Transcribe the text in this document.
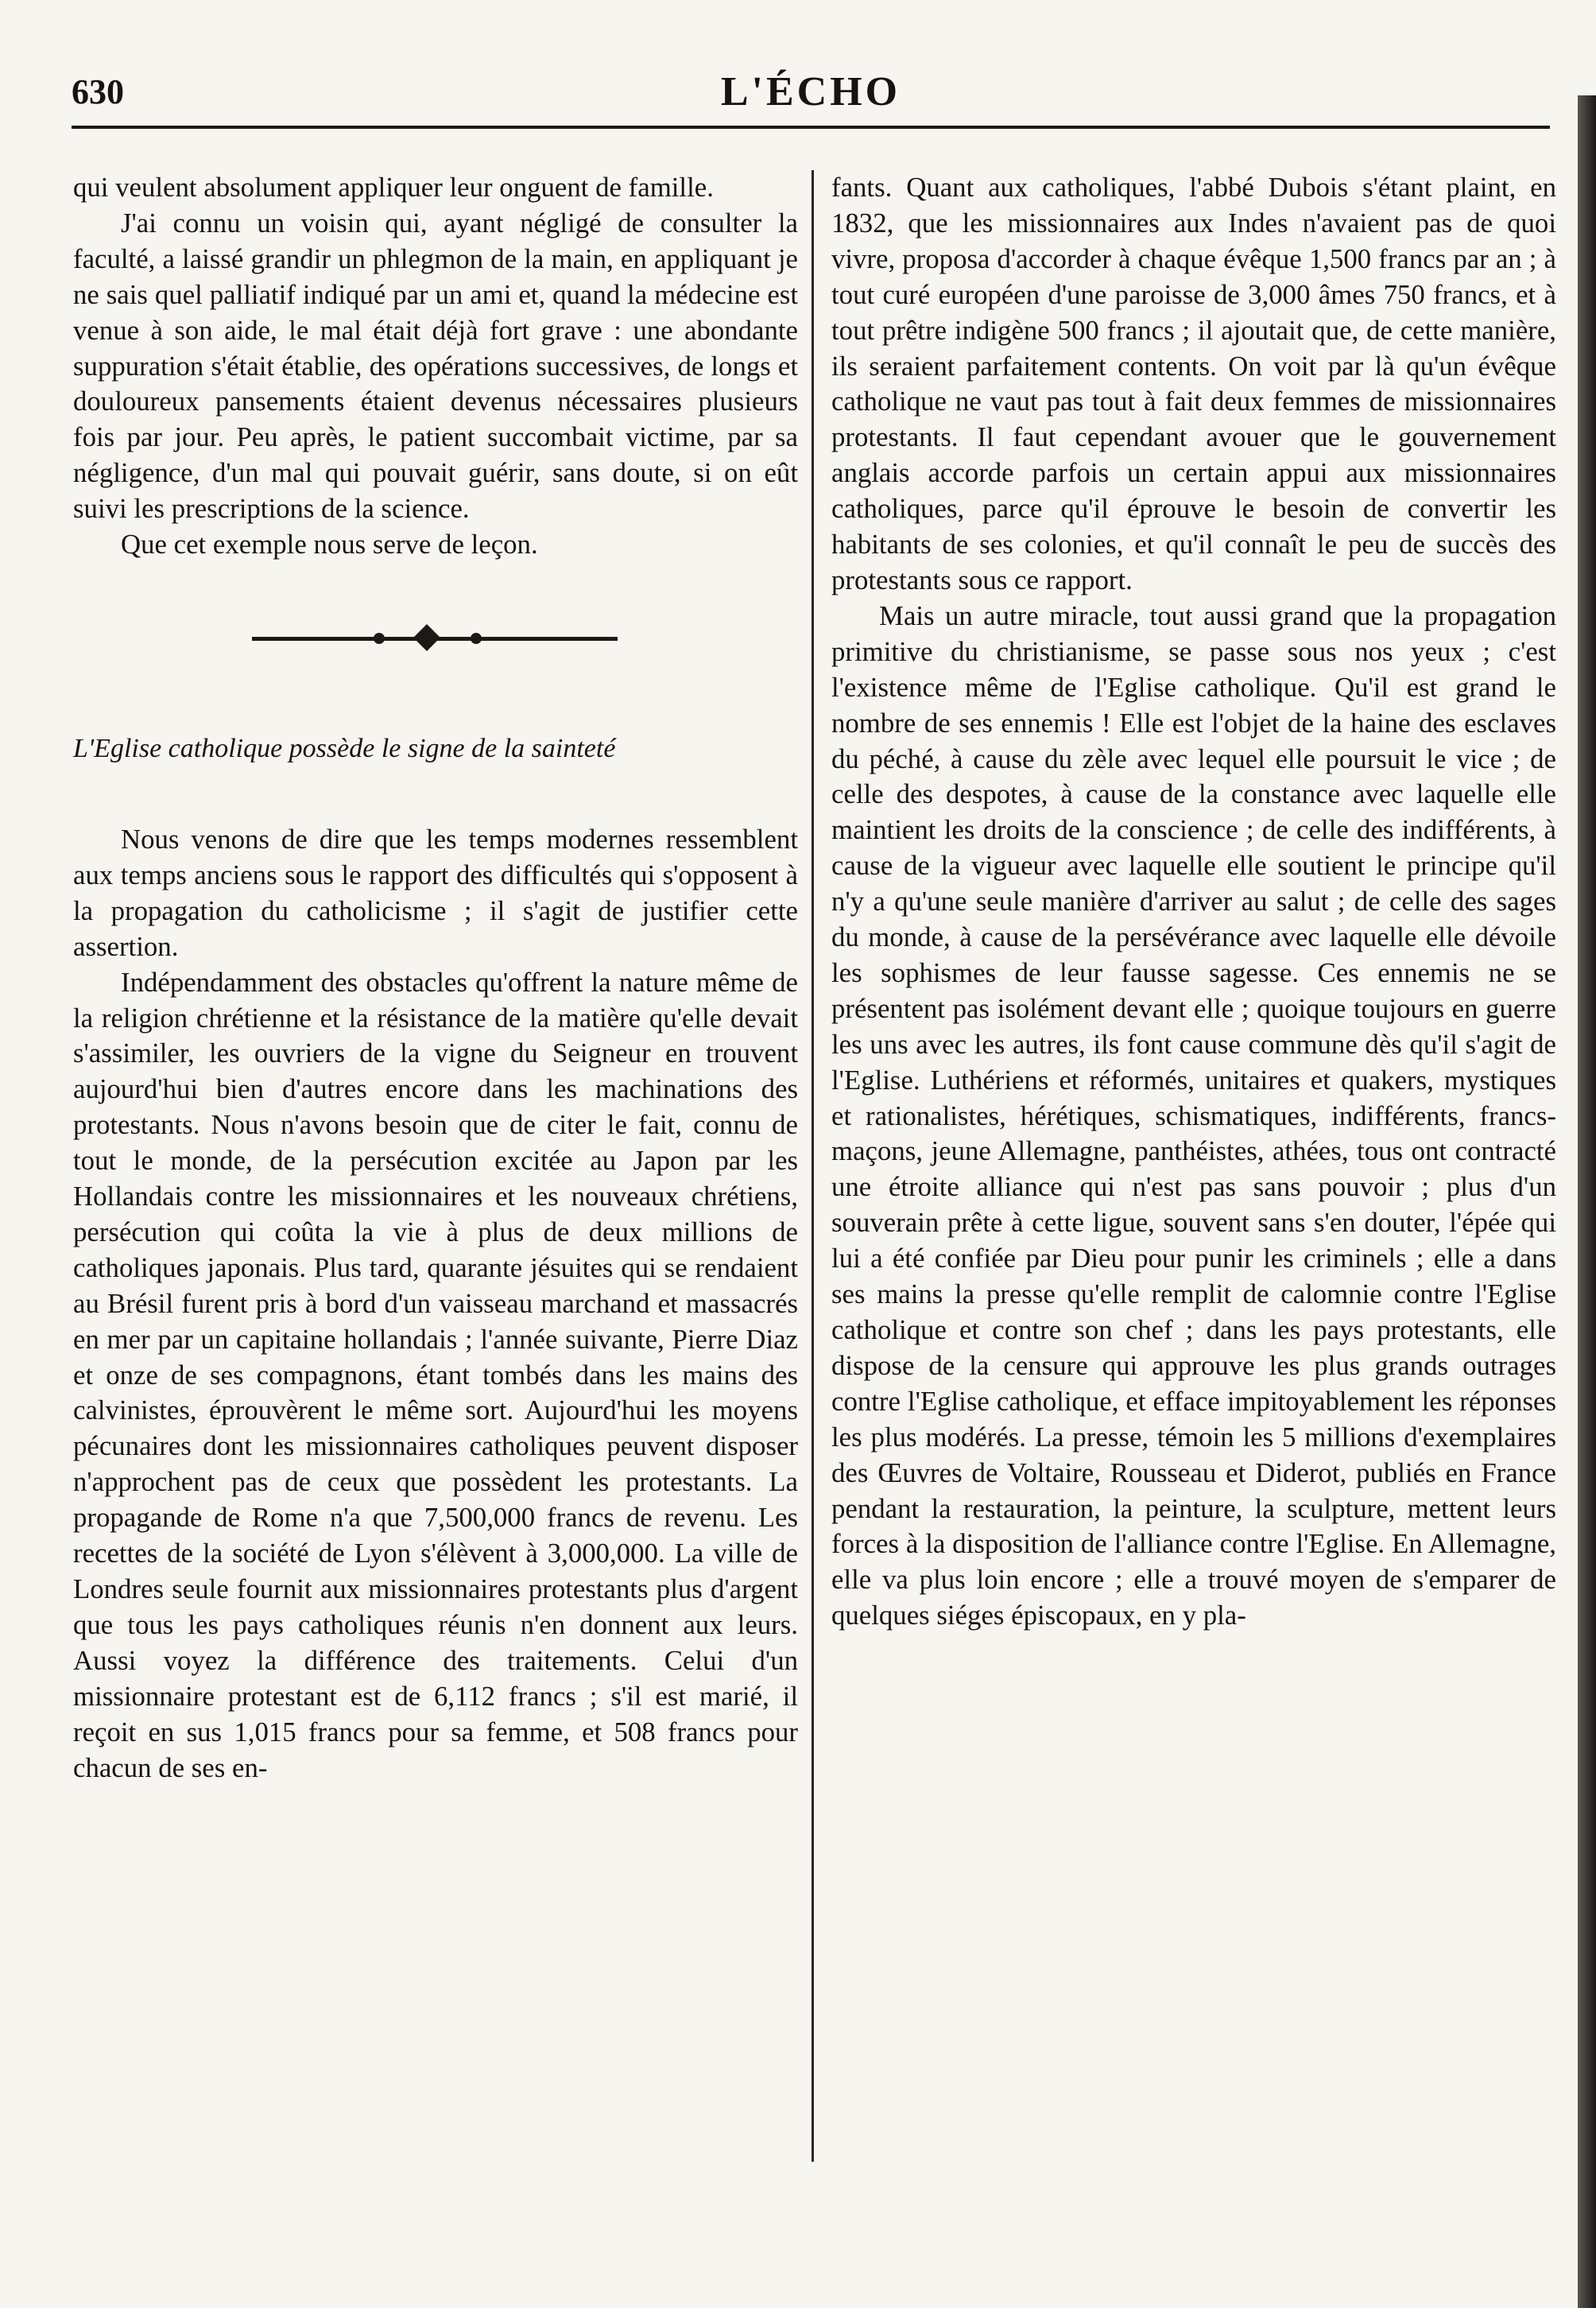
630	L'ÉCHO

qui veulent absolument appliquer leur onguent de famille.

J'ai connu un voisin qui, ayant négligé de consulter la faculté, a laissé grandir un phlegmon de la main, en appliquant je ne sais quel palliatif indiqué par un ami et, quand la médecine est venue à son aide, le mal était déjà fort grave : une abondante suppuration s'était établie, des opérations successives, de longs et douloureux pansements étaient devenus nécessaires plusieurs fois par jour. Peu après, le patient succombait victime, par sa négligence, d'un mal qui pouvait guérir, sans doute, si on eût suivi les prescriptions de la science.

Que cet exemple nous serve de leçon.

L'Eglise catholique possède le signe de la sainteté

Nous venons de dire que les temps modernes ressemblent aux temps anciens sous le rapport des difficultés qui s'opposent à la propagation du catholicisme ; il s'agit de justifier cette assertion.

Indépendamment des obstacles qu'offrent la nature même de la religion chrétienne et la résistance de la matière qu'elle devait s'assimiler, les ouvriers de la vigne du Seigneur en trouvent aujourd'hui bien d'autres encore dans les machinations des protestants. Nous n'avons besoin que de citer le fait, connu de tout le monde, de la persécution excitée au Japon par les Hollandais contre les missionnaires et les nouveaux chrétiens, persécution qui coûta la vie à plus de deux millions de catholiques japonais. Plus tard, quarante jésuites qui se rendaient au Brésil furent pris à bord d'un vaisseau marchand et massacrés en mer par un capitaine hollandais ; l'année suivante, Pierre Diaz et onze de ses compagnons, étant tombés dans les mains des calvinistes, éprouvèrent le même sort. Aujourd'hui les moyens pécunaires dont les missionnaires catholiques peuvent disposer n'approchent pas de ceux que possèdent les protestants. La propagande de Rome n'a que 7,500,000 francs de revenu. Les recettes de la société de Lyon s'élèvent à 3,000,000. La ville de Londres seule fournit aux missionnaires protestants plus d'argent que tous les pays catholiques réunis n'en donnent aux leurs. Aussi voyez la différence des traitements. Celui d'un missionnaire protestant est de 6,112 francs ; s'il est marié, il reçoit en sus 1,015 francs pour sa femme, et 508 francs pour chacun de ses en-

fants. Quant aux catholiques, l'abbé Dubois s'étant plaint, en 1832, que les missionnaires aux Indes n'avaient pas de quoi vivre, proposa d'accorder à chaque évêque 1,500 francs par an ; à tout curé européen d'une paroisse de 3,000 âmes 750 francs, et à tout prêtre indigène 500 francs ; il ajoutait que, de cette manière, ils seraient parfaitement contents. On voit par là qu'un évêque catholique ne vaut pas tout à fait deux femmes de missionnaires protestants. Il faut cependant avouer que le gouvernement anglais accorde parfois un certain appui aux missionnaires catholiques, parce qu'il éprouve le besoin de convertir les habitants de ses colonies, et qu'il connaît le peu de succès des protestants sous ce rapport.

Mais un autre miracle, tout aussi grand que la propagation primitive du christianisme, se passe sous nos yeux ; c'est l'existence même de l'Eglise catholique. Qu'il est grand le nombre de ses ennemis ! Elle est l'objet de la haine des esclaves du péché, à cause du zèle avec lequel elle poursuit le vice ; de celle des despotes, à cause de la constance avec laquelle elle maintient les droits de la conscience ; de celle des indifférents, à cause de la vigueur avec laquelle elle soutient le principe qu'il n'y a qu'une seule manière d'arriver au salut ; de celle des sages du monde, à cause de la persévérance avec laquelle elle dévoile les sophismes de leur fausse sagesse. Ces ennemis ne se présentent pas isolément devant elle ; quoique toujours en guerre les uns avec les autres, ils font cause commune dès qu'il s'agit de l'Eglise. Luthériens et réformés, unitaires et quakers, mystiques et rationalistes, hérétiques, schismatiques, indifférents, francs-maçons, jeune Allemagne, panthéistes, athées, tous ont contracté une étroite alliance qui n'est pas sans pouvoir ; plus d'un souverain prête à cette ligue, souvent sans s'en douter, l'épée qui lui a été confiée par Dieu pour punir les criminels ; elle a dans ses mains la presse qu'elle remplit de calomnie contre l'Eglise catholique et contre son chef ; dans les pays protestants, elle dispose de la censure qui approuve les plus grands outrages contre l'Eglise catholique, et efface impitoyablement les réponses les plus modérés. La presse, témoin les 5 millions d'exemplaires des Œuvres de Voltaire, Rousseau et Diderot, publiés en France pendant la restauration, la peinture, la sculpture, mettent leurs forces à la disposition de l'alliance contre l'Eglise. En Allemagne, elle va plus loin encore ; elle a trouvé moyen de s'emparer de quelques siéges épiscopaux, en y pla-
